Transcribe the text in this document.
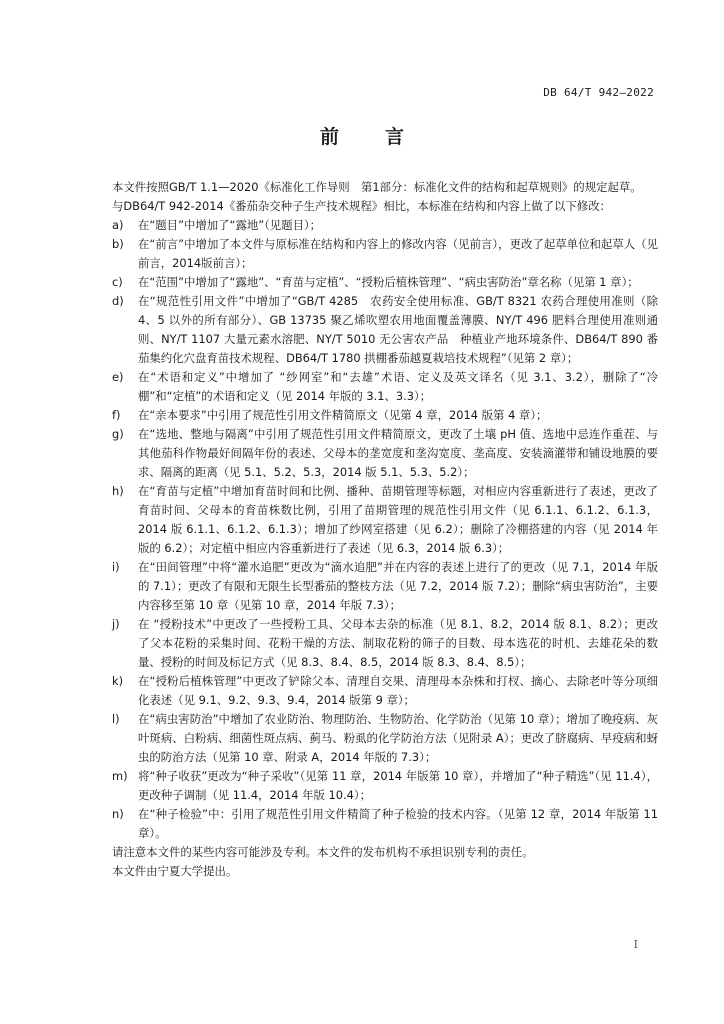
DB 64/T 942—2022
前言

本文件按照GB/T 1.1—2020《标准化工作导则　第1部分：标准化文件的结构和起草规则》的规定起草。

与DB64/T 942-2014《番茄杂交种子生产技术规程》相比，本标准在结构和内容上做了以下修改：

a) 在“题目”中增加了“露地”（见题目）；
b) 在“前言”中增加了本文件与原标准在结构和内容上的修改内容（见前言），更改了起草单位和起草人（见前言，2014版前言）；
c) 在“范围”中增加了“露地”、“育苗与定植”、“授粉后植株管理”、“病虫害防治”章名称（见第 1 章）；
d) 在“规范性引用文件”中增加了“GB/T 4285　农药安全使用标准、GB/T 8321 农药合理使用准则（除 4、5 以外的所有部分）、GB 13735 聚乙烯吹塑农用地面覆盖薄膜、NY/T 496 肥料合理使用准则通则、NY/T 1107 大量元素水溶肥、NY/T 5010 无公害农产品　种植业产地环境条件、DB64/T 890 番茄集约化穴盘育苗技术规程、DB64/T 1780 拱棚番茄越夏栽培技术规程”（见第 2 章）；
e) 在“术语和定义”中增加了 “纱网室”和“去雄”术语、定义及英文译名（见 3.1、3.2），删除了“冷棚”和“定植”的术语和定义（见 2014 年版的 3.1、3.3）；
f) 在“亲本要求”中引用了规范性引用文件精简原文（见第 4 章，2014 版第 4 章）；
g) 在“选地、整地与隔离”中引用了规范性引用文件精简原文，更改了土壤 pH 值、选地中忌连作重茬、与其他茄科作物最好间隔年份的表述、父母本的垄宽度和垄沟宽度、垄高度、安装滴灌带和铺设地膜的要求、隔离的距离（见 5.1、5.2、5.3，2014 版 5.1、5.3、5.2）；
h) 在“育苗与定植”中增加育苗时间和比例、播种、苗期管理等标题，对相应内容重新进行了表述，更改了育苗时间、父母本的育苗株数比例，引用了苗期管理的规范性引用文件（见 6.1.1、6.1.2、6.1.3，2014 版 6.1.1、6.1.2、6.1.3）；增加了纱网室搭建（见 6.2）；删除了冷棚搭建的内容（见 2014 年版的 6.2）；对定植中相应内容重新进行了表述（见 6.3，2014 版 6.3）；
i) 在“田间管理”中将“灌水追肥”更改为“滴水追肥”并在内容的表述上进行了的更改（见 7.1，2014 年版的 7.1）；更改了有限和无限生长型番茄的整枝方法（见 7.2，2014 版 7.2）；删除“病虫害防治”，主要内容移至第 10 章（见第 10 章，2014 年版 7.3）；
j) 在 “授粉技术”中更改了一些授粉工具、父母本去杂的标准（见 8.1、8.2，2014 版 8.1、8.2）；更改了父本花粉的采集时间、花粉干燥的方法、制取花粉的筛子的目数、母本选花的时机、去雄花朵的数量、授粉的时间及标记方式（见 8.3、8.4、8.5，2014 版 8.3、8.4、8.5）；
k) 在“授粉后植株管理”中更改了铲除父本、清理自交果、清理母本杂株和打杈、摘心、去除老叶等分项细化表述（见 9.1、9.2、9.3、9.4，2014 版第 9 章）；
l) 在“病虫害防治”中增加了农业防治、物理防治、生物防治、化学防治（见第 10 章）；增加了晚疫病、灰叶斑病、白粉病、细菌性斑点病、蓟马、粉虱的化学防治方法（见附录 A）；更改了脐腐病、早疫病和蚜虫的防治方法（见第 10 章、附录 A，2014 年版的 7.3）；
m) 将“种子收获”更改为“种子采收”（见第 11 章，2014 年版第 10 章），并增加了“种子精选”（见 11.4），更改种子调制（见 11.4，2014 年版 10.4）；
n) 在“种子检验”中：引用了规范性引用文件精简了种子检验的技术内容。（见第 12 章，2014 年版第 11 章）。

请注意本文件的某些内容可能涉及专利。本文件的发布机构不承担识别专利的责任。

本文件由宁夏大学提出。

I
